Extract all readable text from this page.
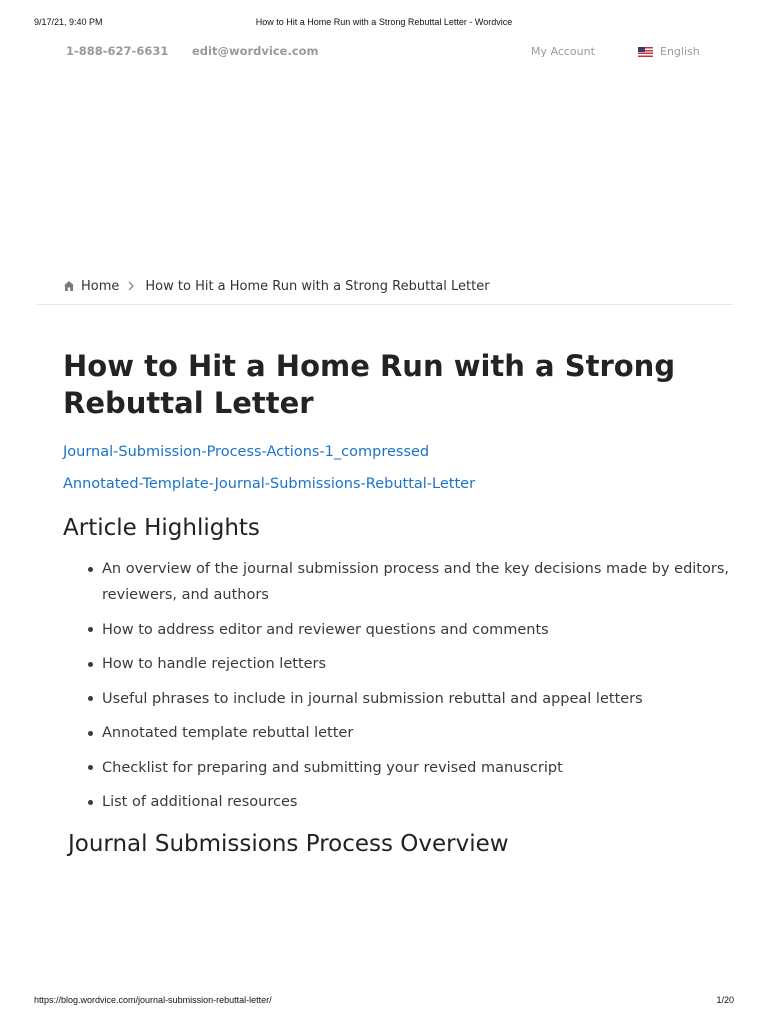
9/17/21, 9:40 PM	How to Hit a Home Run with a Strong Rebuttal Letter - Wordvice
1-888-627-6631 edit@wordvice.com	My Account	English
Home How to Hit a Home Run with a Strong Rebuttal Letter
How to Hit a Home Run with a Strong Rebuttal Letter
Journal-Submission-Process-Actions-1_compressed
Annotated-Template-Journal-Submissions-Rebuttal-Letter
Article Highlights
An overview of the journal submission process and the key decisions made by editors, reviewers, and authors
How to address editor and reviewer questions and comments
How to handle rejection letters
Useful phrases to include in journal submission rebuttal and appeal letters
Annotated template rebuttal letter
Checklist for preparing and submitting your revised manuscript
List of additional resources
Journal Submissions Process Overview
https://blog.wordvice.com/journal-submission-rebuttal-letter/	1/20
